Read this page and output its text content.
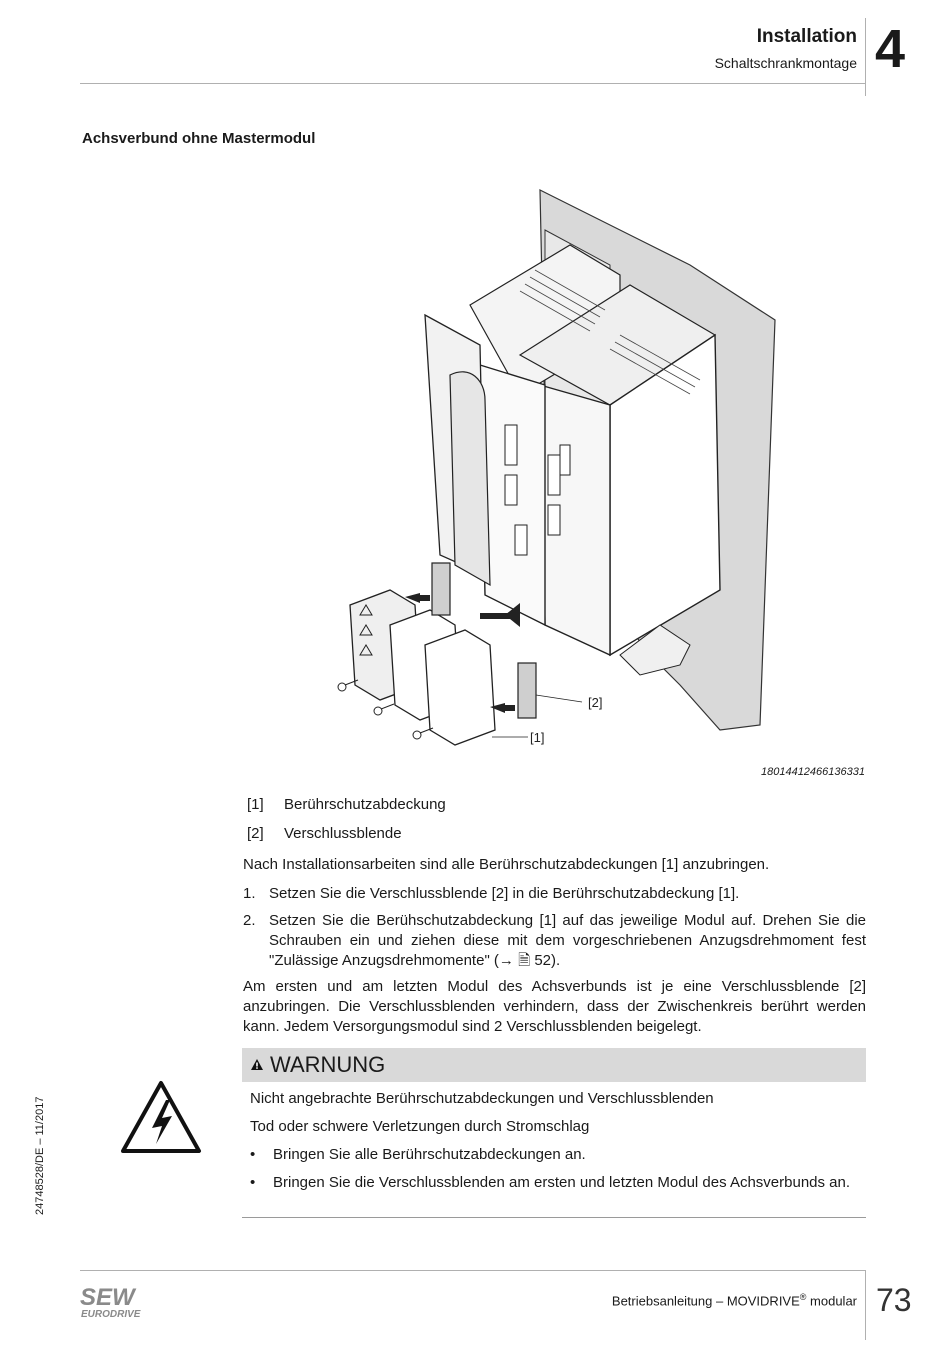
Installation
Schaltschrankmontage 4
Achsverbund ohne Mastermodul
[2]
[1]
18014412466136331
[1] Berührschutzabdeckung
[2] Verschlussblende
Nach Installationsarbeiten sind alle Berührschutzabdeckungen [1] anzubringen.
1. Setzen Sie die Verschlussblende [2] in die Berührschutzabdeckung [1].
2. Setzen Sie die Berühschutzabdeckung [1] auf das jeweilige Modul auf. Drehen Sie die Schrauben ein und ziehen diese mit dem vorgeschriebenen Anzugsdrehmoment fest "Zulässige Anzugsdrehmomente" (→ 🗎 52).
Am ersten und am letzten Modul des Achsverbunds ist je eine Verschlussblende [2] anzubringen. Die Verschlussblenden verhindern, dass der Zwischenkreis berührt werden kann. Jedem Versorgungsmodul sind 2 Verschlussblenden beigelegt.
WARNUNG
Nicht angebrachte Berührschutzabdeckungen und Verschlussblenden
Tod oder schwere Verletzungen durch Stromschlag
• Bringen Sie alle Berührschutzabdeckungen an.
• Bringen Sie die Verschlussblenden am ersten und letzten Modul des Achsverbunds an.
24748528/DE – 11/2017
SEW
EURODRIVE
Betriebsanleitung – MOVIDRIVE® modular 73
